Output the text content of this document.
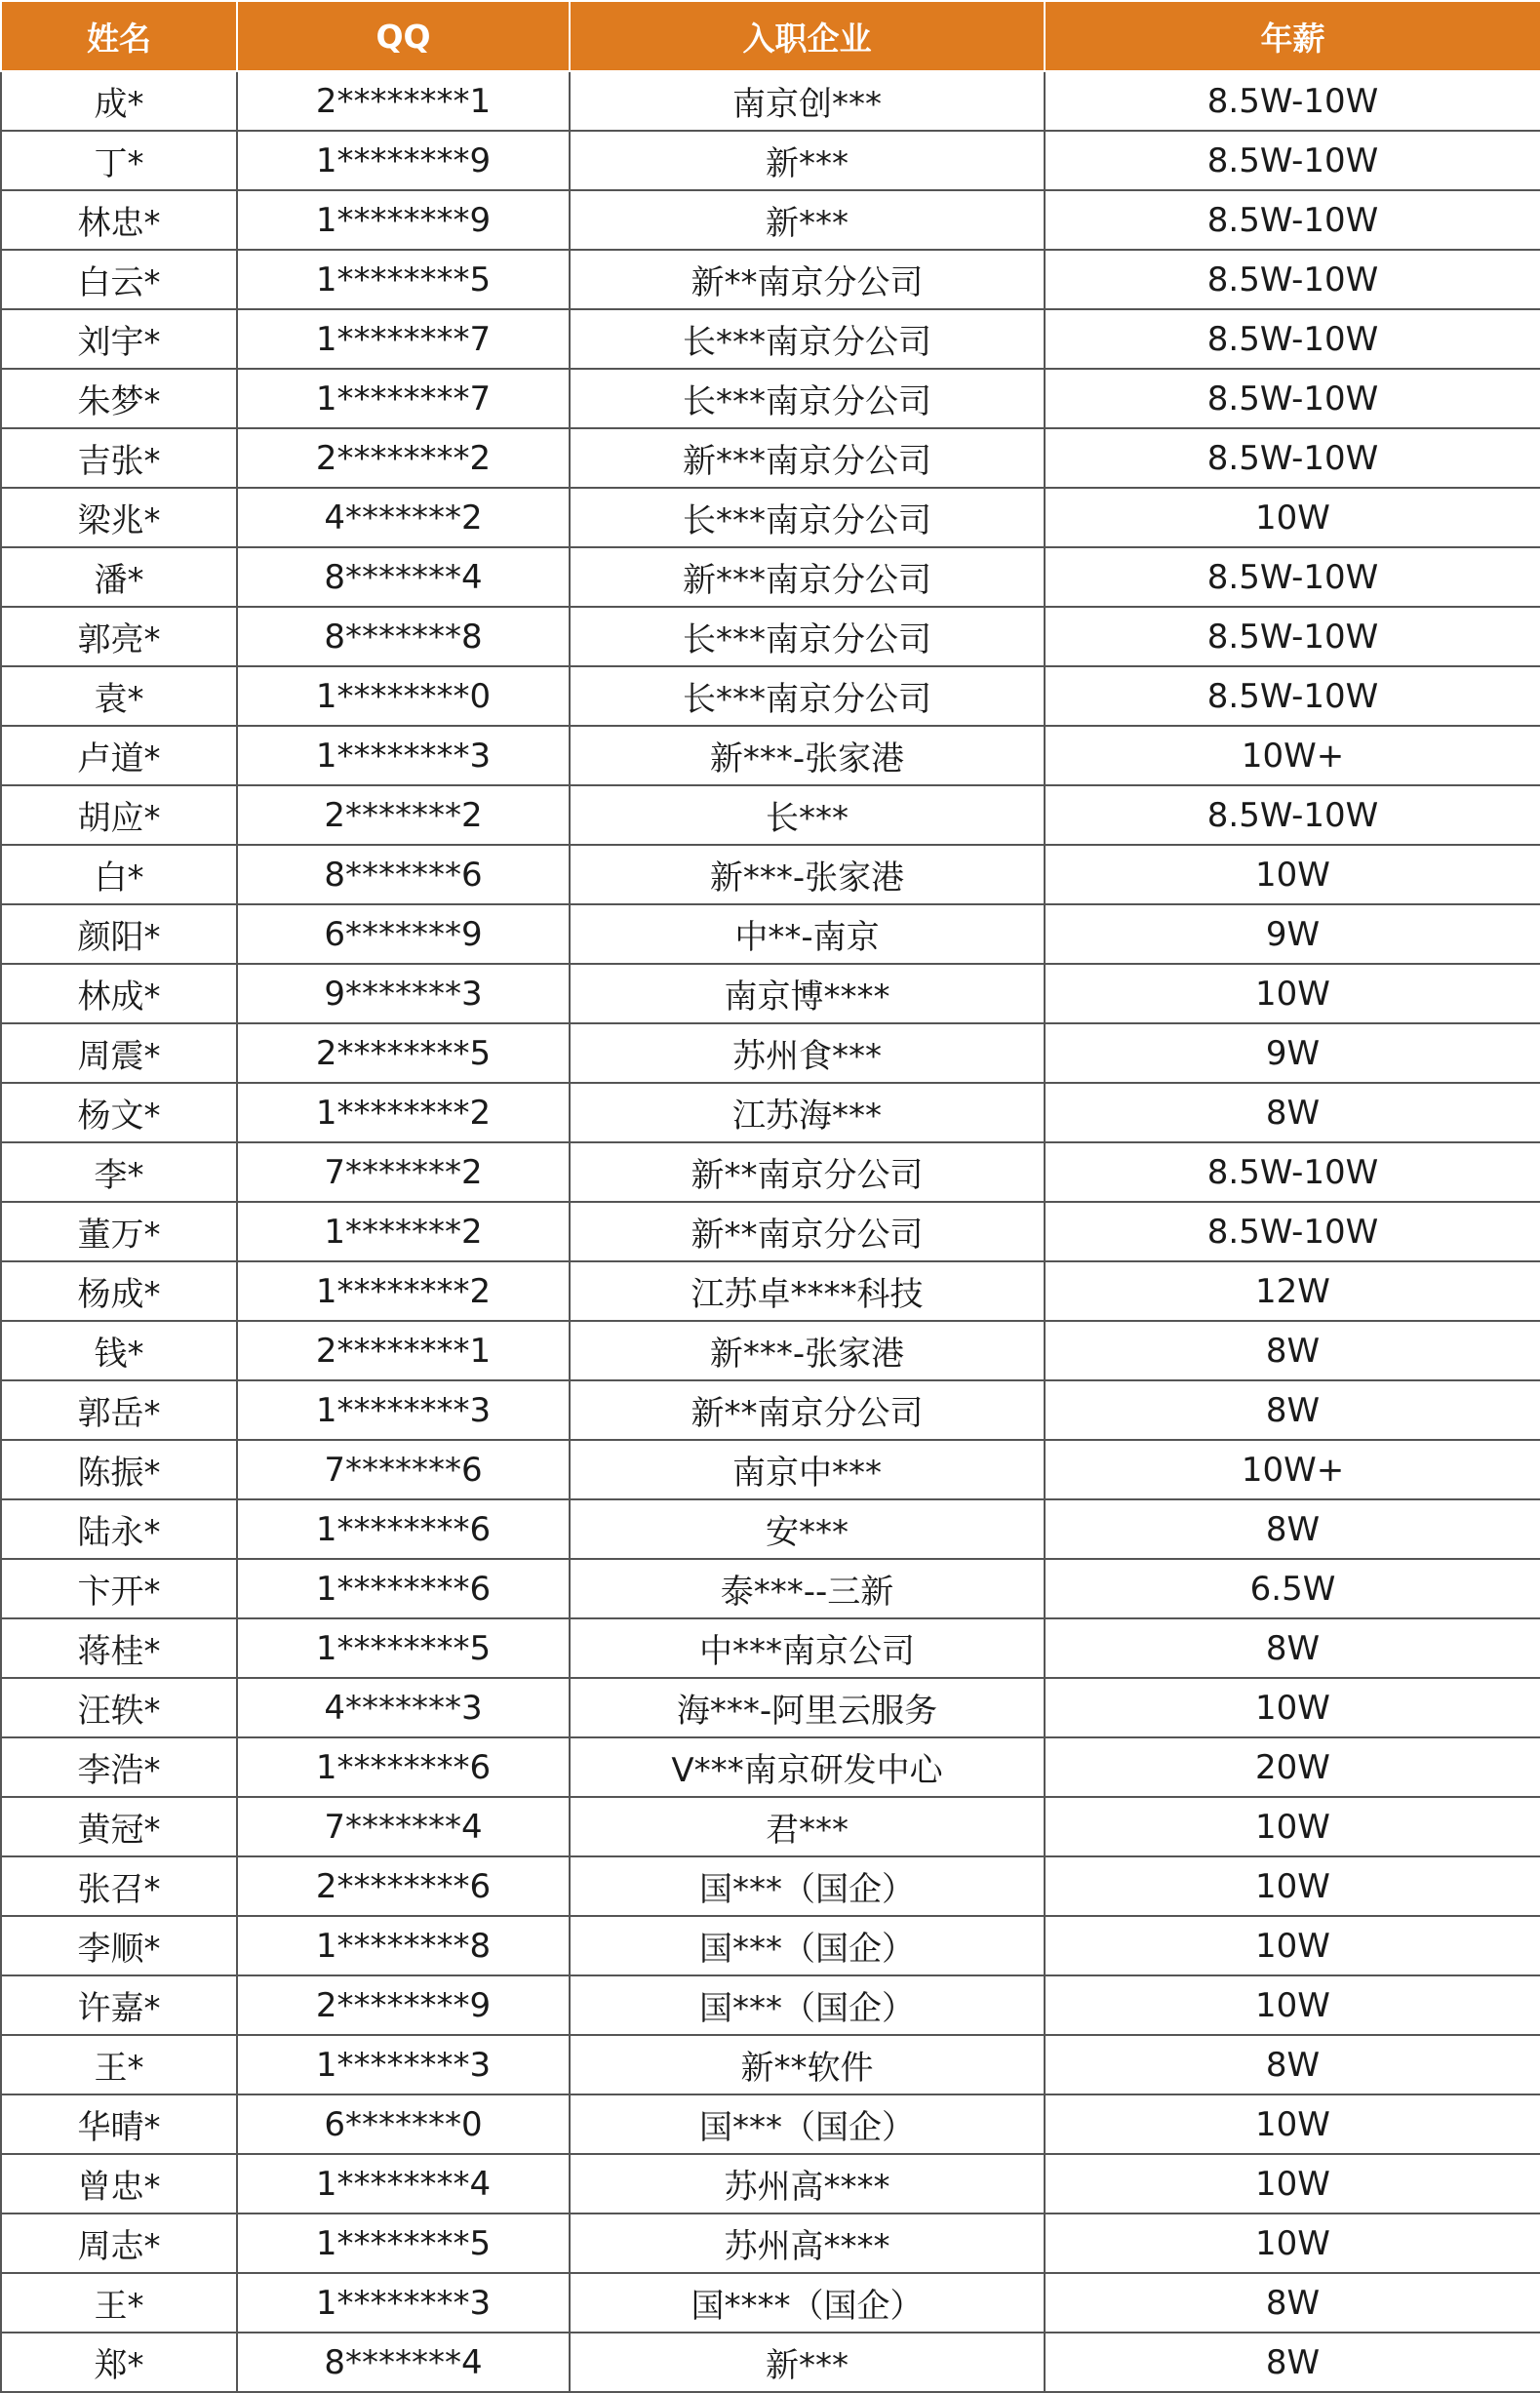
姓名	QQ	入职企业	年薪
成*	2********1	南京创***	8.5W-10W
丁*	1********9	新***	8.5W-10W
林忠*	1********9	新***	8.5W-10W
白云*	1********5	新**南京分公司	8.5W-10W
刘宇*	1********7	长***南京分公司	8.5W-10W
朱梦*	1********7	长***南京分公司	8.5W-10W
吉张*	2********2	新***南京分公司	8.5W-10W
梁兆*	4*******2	长***南京分公司	10W
潘*	8*******4	新***南京分公司	8.5W-10W
郭亮*	8*******8	长***南京分公司	8.5W-10W
袁*	1********0	长***南京分公司	8.5W-10W
卢道*	1********3	新***-张家港	10W+
胡应*	2*******2	长***	8.5W-10W
白*	8*******6	新***-张家港	10W
颜阳*	6*******9	中**-南京	9W
林成*	9*******3	南京博****	10W
周震*	2********5	苏州食***	9W
杨文*	1********2	江苏海***	8W
李*	7*******2	新**南京分公司	8.5W-10W
董万*	1*******2	新**南京分公司	8.5W-10W
杨成*	1********2	江苏卓****科技	12W
钱*	2********1	新***-张家港	8W
郭岳*	1********3	新**南京分公司	8W
陈振*	7*******6	南京中***	10W+
陆永*	1********6	安***	8W
卞开*	1********6	泰***--三新	6.5W
蒋桂*	1********5	中***南京公司	8W
汪轶*	4*******3	海***-阿里云服务	10W
李浩*	1********6	V***南京研发中心	20W
黄冠*	7*******4	君***	10W
张召*	2********6	国***（国企）	10W
李顺*	1********8	国***（国企）	10W
许嘉*	2********9	国***（国企）	10W
王*	1********3	新**软件	8W
华晴*	6*******0	国***（国企）	10W
曾忠*	1********4	苏州高****	10W
周志*	1********5	苏州高****	10W
王*	1********3	国****（国企）	8W
郑*	8*******4	新***	8W
